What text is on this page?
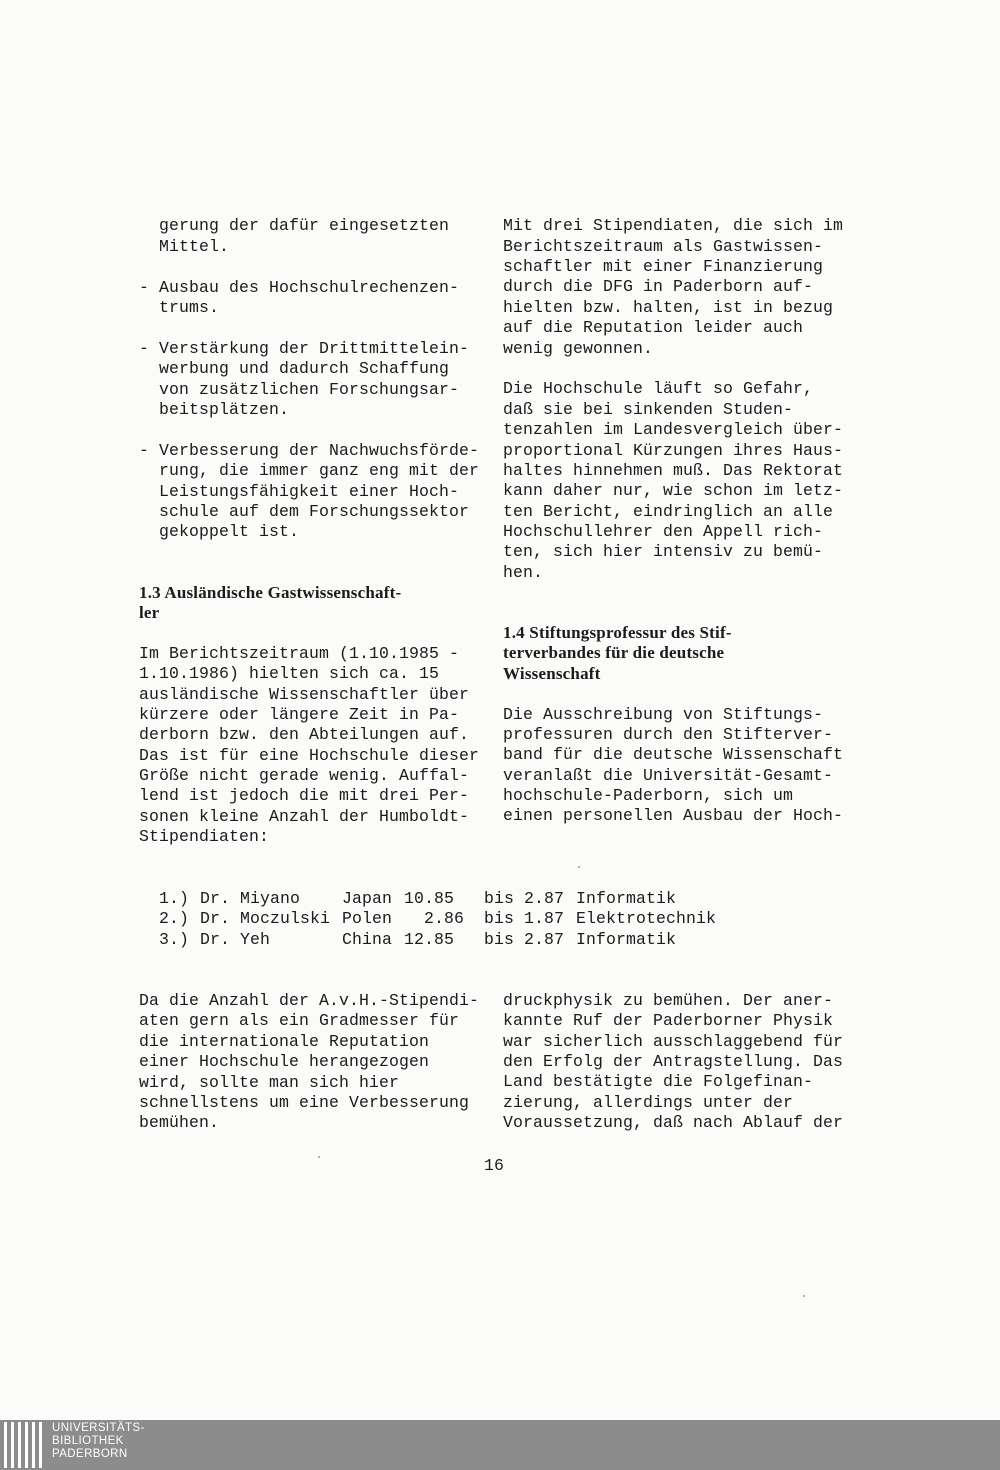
gerung der dafür eingesetzten
Mittel.
- Ausbau des Hochschulrechenzen-
trums.
- Verstärkung der Drittmittelein-
werbung und dadurch Schaffung
von zusätzlichen Forschungsar-
beitsplätzen.
- Verbesserung der Nachwuchsförde-
rung, die immer ganz eng mit der
Leistungsfähigkeit einer Hoch-
schule auf dem Forschungssektor
gekoppelt ist.
1.3 Ausländische Gastwissenschaft-
ler
Im Berichtszeitraum (1.10.1985 -
1.10.1986) hielten sich ca. 15
ausländische Wissenschaftler über
kürzere oder längere Zeit in Pa-
derborn bzw. den Abteilungen auf.
Das ist für eine Hochschule dieser
Größe nicht gerade wenig. Auffal-
lend ist jedoch die mit drei Per-
sonen kleine Anzahl der Humboldt-
Stipendiaten:
Mit drei Stipendiaten, die sich im
Berichtszeitraum als Gastwissen-
schaftler mit einer Finanzierung
durch die DFG in Paderborn auf-
hielten bzw. halten, ist in bezug
auf die Reputation leider auch
wenig gewonnen.
Die Hochschule läuft so Gefahr,
daß sie bei sinkenden Studen-
tenzahlen im Landesvergleich über-
proportional Kürzungen ihres Haus-
haltes hinnehmen muß. Das Rektorat
kann daher nur, wie schon im letz-
ten Bericht, eindringlich an alle
Hochschullehrer den Appell rich-
ten, sich hier intensiv zu bemü-
hen.
1.4 Stiftungsprofessur des Stif-
terverbandes für die deutsche
Wissenschaft
Die Ausschreibung von Stiftungs-
professuren durch den Stifterver-
band für die deutsche Wissenschaft
veranlaßt die Universität-Gesamt-
hochschule-Paderborn, sich um
einen personellen Ausbau der Hoch-
1.) Dr. Miyano	Japan 10.85 bis 2.87 Informatik
2.) Dr. Moczulski Polen 2.86 bis 1.87 Elektrotechnik
3.) Dr. Yeh	China 12.85 bis 2.87 Informatik
Da die Anzahl der A.v.H.-Stipendi-
aten gern als ein Gradmesser für
die internationale Reputation
einer Hochschule herangezogen
wird, sollte man sich hier
schnellstens um eine Verbesserung
bemühen.
druckphysik zu bemühen. Der aner-
kannte Ruf der Paderborner Physik
war sicherlich ausschlaggebend für
den Erfolg der Antragstellung. Das
Land bestätigte die Folgefinan-
zierung, allerdings unter der
Voraussetzung, daß nach Ablauf der
16
UNIVERSITÄTS-
BIBLIOTHEK
PADERBORN
